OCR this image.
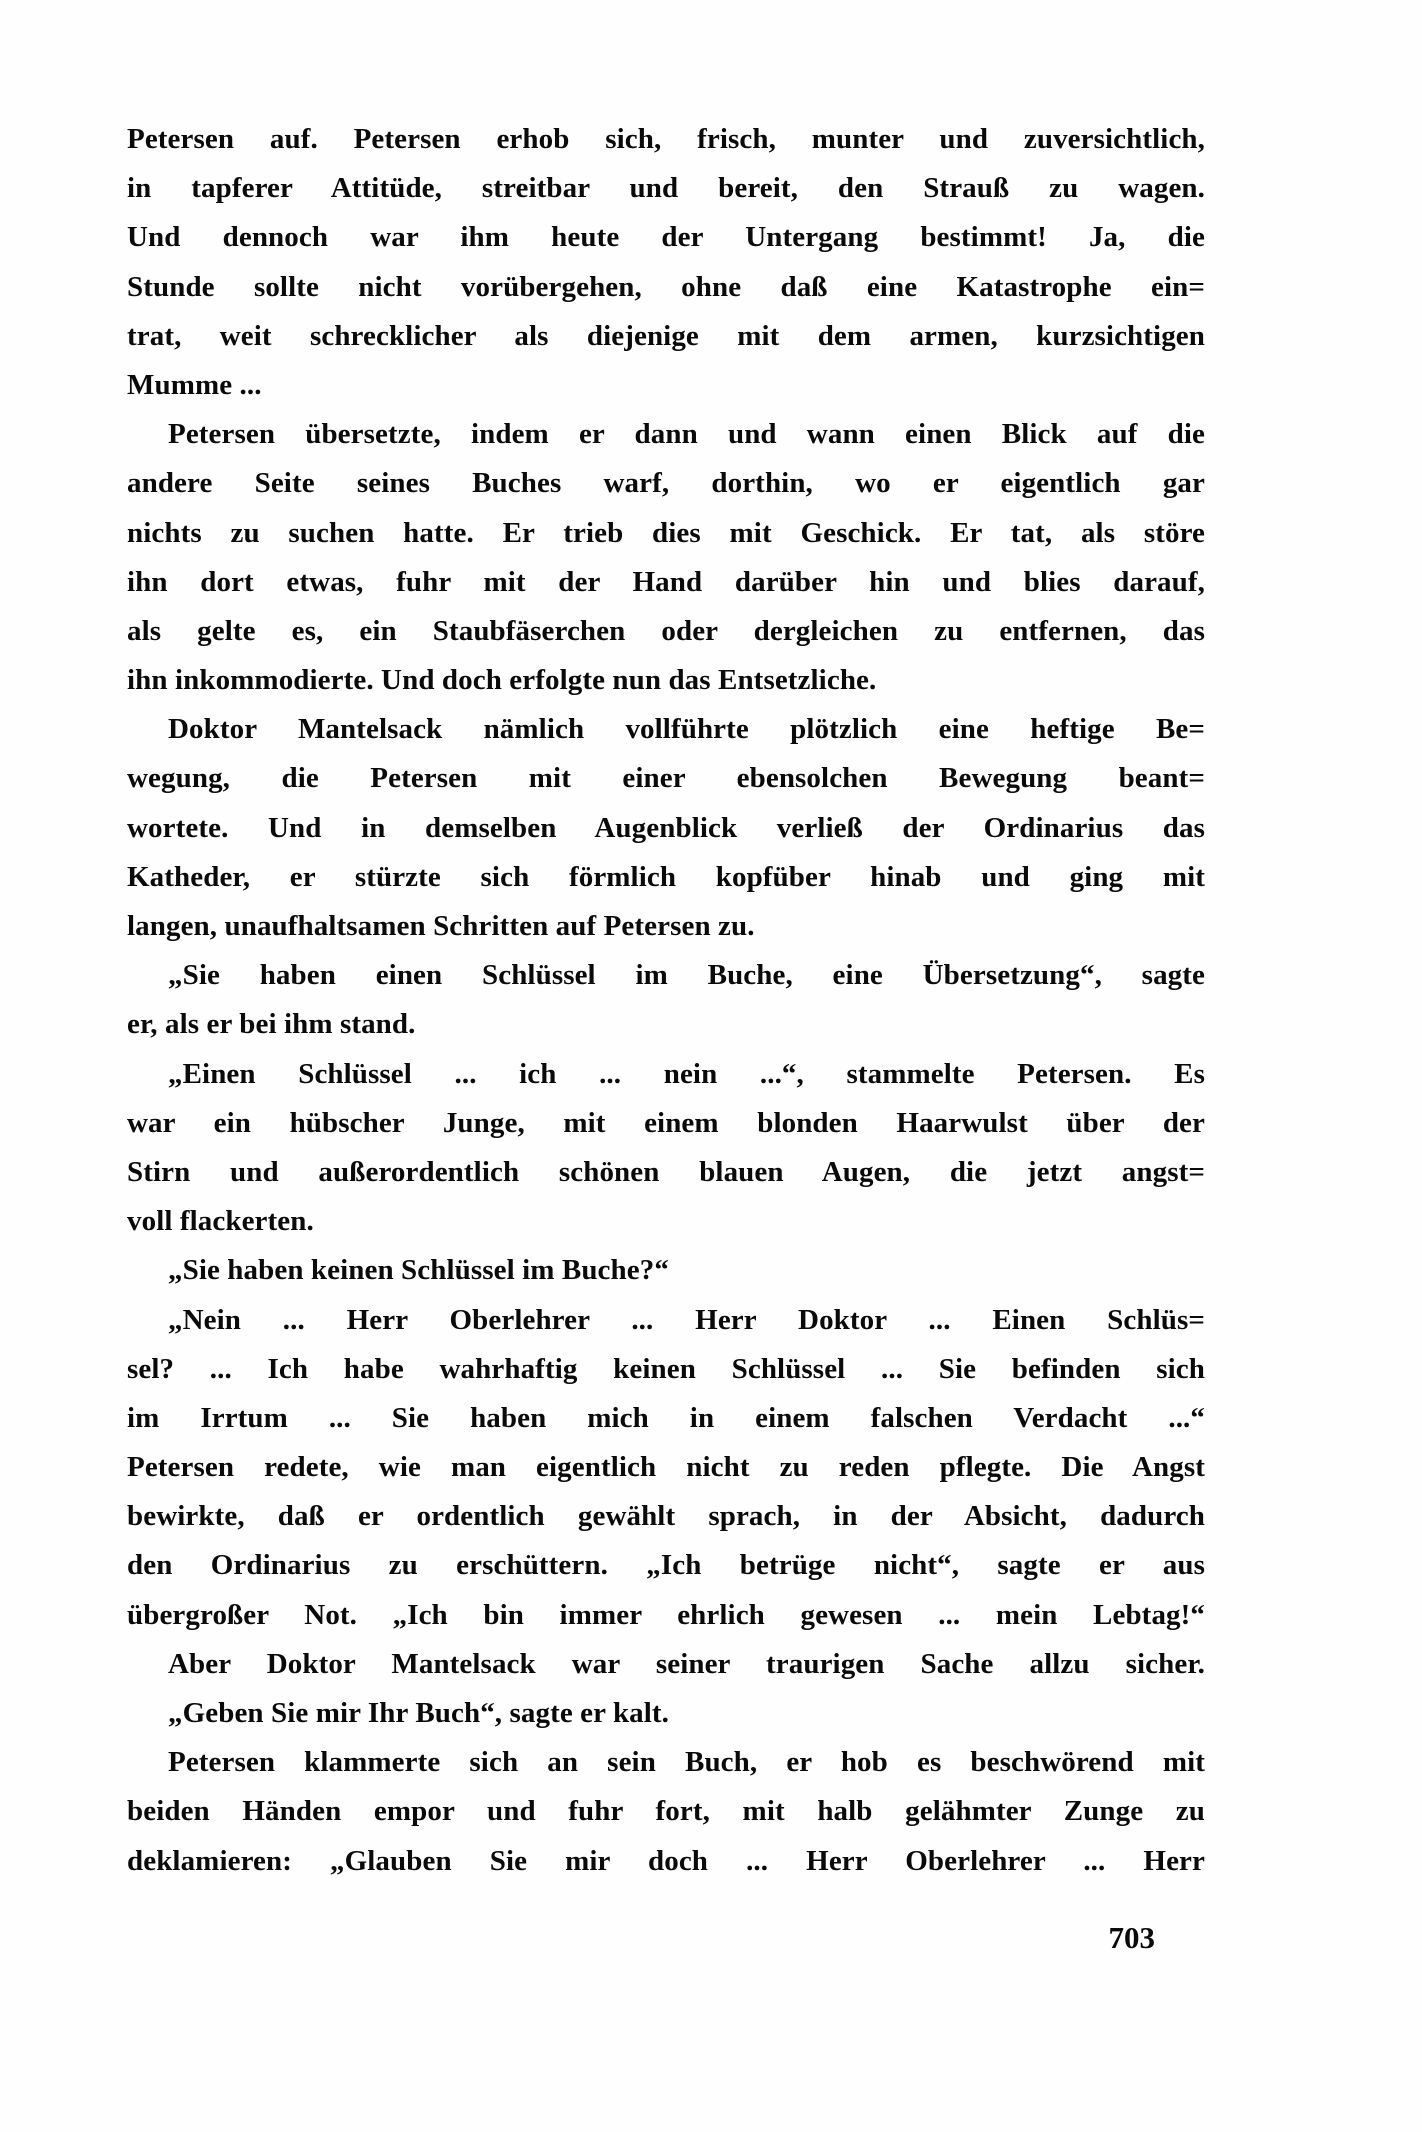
Petersen auf. Petersen erhob sich, frisch, munter und zuversichtlich,
in tapferer Attitüde, streitbar und bereit, den Strauß zu wagen.
Und dennoch war ihm heute der Untergang bestimmt! Ja, die
Stunde sollte nicht vorübergehen, ohne daß eine Katastrophe ein=
trat, weit schrecklicher als diejenige mit dem armen, kurzsichtigen
Mumme ...
Petersen übersetzte, indem er dann und wann einen Blick auf die
andere Seite seines Buches warf, dorthin, wo er eigentlich gar
nichts zu suchen hatte. Er trieb dies mit Geschick. Er tat, als störe
ihn dort etwas, fuhr mit der Hand darüber hin und blies darauf,
als gelte es, ein Staubfäserchen oder dergleichen zu entfernen, das
ihn inkommodierte. Und doch erfolgte nun das Entsetzliche.
Doktor Mantelsack nämlich vollführte plötzlich eine heftige Be=
wegung, die Petersen mit einer ebensolchen Bewegung beant=
wortete. Und in demselben Augenblick verließ der Ordinarius das
Katheder, er stürzte sich förmlich kopfüber hinab und ging mit
langen, unaufhaltsamen Schritten auf Petersen zu.
„Sie haben einen Schlüssel im Buche, eine Übersetzung“, sagte
er, als er bei ihm stand.
„Einen Schlüssel ... ich ... nein ...“, stammelte Petersen. Es
war ein hübscher Junge, mit einem blonden Haarwulst über der
Stirn und außerordentlich schönen blauen Augen, die jetzt angst=
voll flackerten.
„Sie haben keinen Schlüssel im Buche?“
„Nein ... Herr Oberlehrer ... Herr Doktor ... Einen Schlüs=
sel? ... Ich habe wahrhaftig keinen Schlüssel ... Sie befinden sich
im Irrtum ... Sie haben mich in einem falschen Verdacht ...“
Petersen redete, wie man eigentlich nicht zu reden pflegte. Die Angst
bewirkte, daß er ordentlich gewählt sprach, in der Absicht, dadurch
den Ordinarius zu erschüttern. „Ich betrüge nicht“, sagte er aus
übergroßer Not. „Ich bin immer ehrlich gewesen ... mein Lebtag!“
Aber Doktor Mantelsack war seiner traurigen Sache allzu sicher.
„Geben Sie mir Ihr Buch“, sagte er kalt.
Petersen klammerte sich an sein Buch, er hob es beschwörend mit
beiden Händen empor und fuhr fort, mit halb gelähmter Zunge zu
deklamieren: „Glauben Sie mir doch ... Herr Oberlehrer ... Herr
703
